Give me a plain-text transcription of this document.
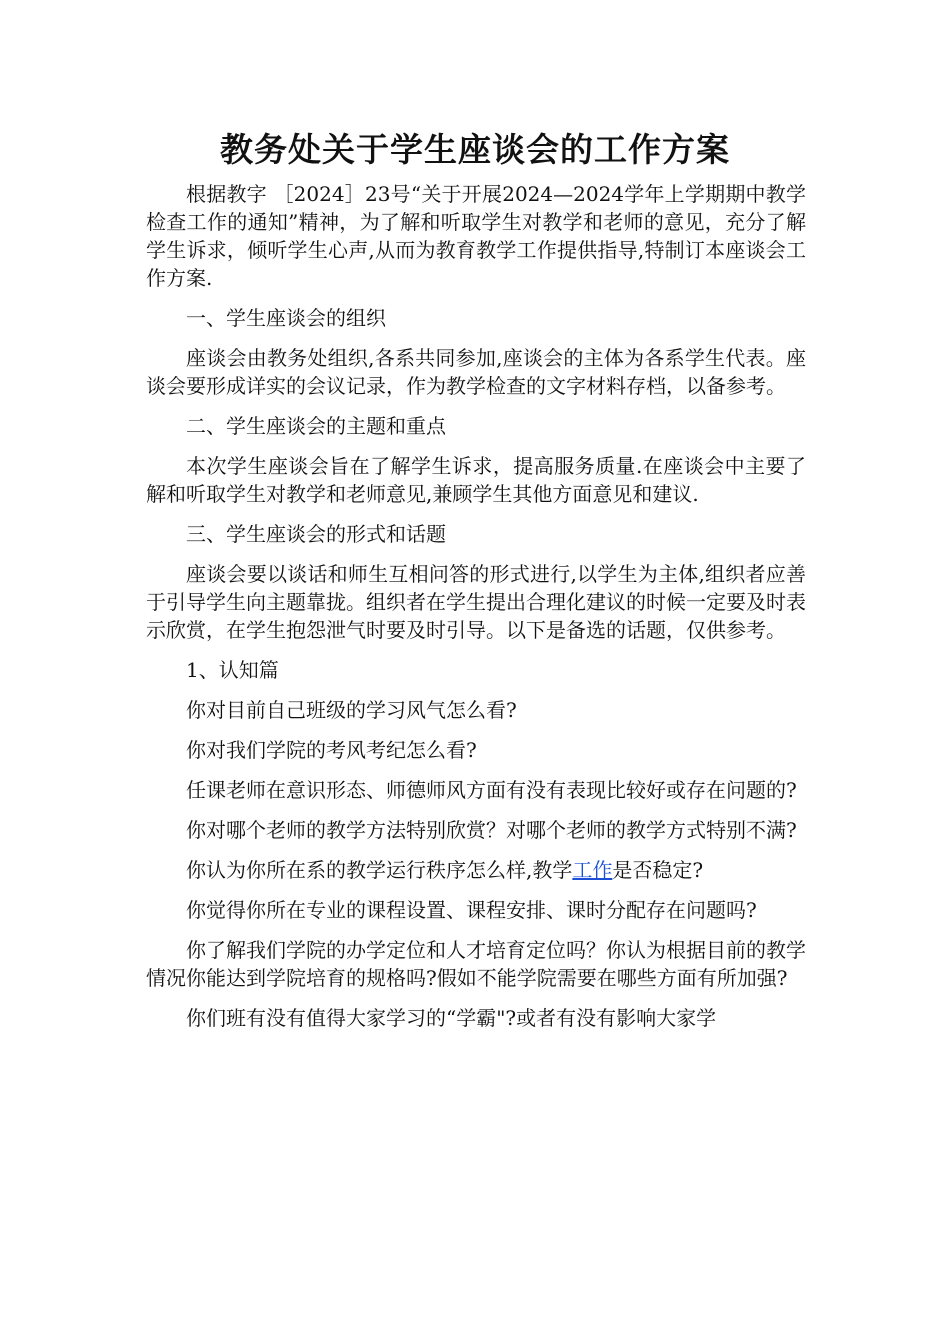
教务处关于学生座谈会的工作方案

根据教字 ［2024］23号“关于开展2024—2024学年上学期期中教学检查工作的通知”精神，为了解和听取学生对教学和老师的意见，充分了解学生诉求，倾听学生心声,从而为教育教学工作提供指导,特制订本座谈会工作方案.

一、学生座谈会的组织

座谈会由教务处组织,各系共同参加,座谈会的主体为各系学生代表。座谈会要形成详实的会议记录，作为教学检查的文字材料存档，以备参考。

二、学生座谈会的主题和重点

本次学生座谈会旨在了解学生诉求，提高服务质量.在座谈会中主要了解和听取学生对教学和老师意见,兼顾学生其他方面意见和建议.

三、学生座谈会的形式和话题

座谈会要以谈话和师生互相问答的形式进行,以学生为主体,组织者应善于引导学生向主题靠拢。组织者在学生提出合理化建议的时候一定要及时表示欣赏，在学生抱怨泄气时要及时引导。以下是备选的话题，仅供参考。

1、认知篇

你对目前自己班级的学习风气怎么看?

你对我们学院的考风考纪怎么看?

任课老师在意识形态、师德师风方面有没有表现比较好或存在问题的?

你对哪个老师的教学方法特别欣赏？对哪个老师的教学方式特别不满?

你认为你所在系的教学运行秩序怎么样,教学工作是否稳定?

你觉得你所在专业的课程设置、课程安排、课时分配存在问题吗?

你了解我们学院的办学定位和人才培育定位吗？你认为根据目前的教学情况你能达到学院培育的规格吗?假如不能学院需要在哪些方面有所加强?

你们班有没有值得大家学习的“学霸"?或者有没有影响大家学
